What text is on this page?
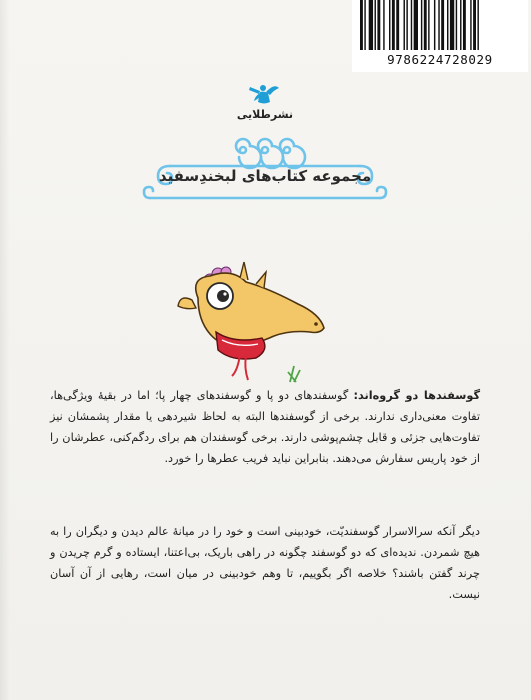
9786224728029
نشرطلایی
مجموعه کتاب‌های لبخندِسفید
گوسفندها دو گروه‌اند: گوسفندهای دو پا و گوسفندهای چهار پا؛ اما در بقیهٔ ویژگی‌ها، تفاوت معنی‌داری ندارند. برخی از گوسفندها البته به لحاظ شیردهی یا مقدار پشمشان نیز تفاوت‌هایی جزئی و قابل چشم‌پوشی دارند. برخی گوسفندان هم برای ردگم‌کنی، عطرشان را از خود پاریس سفارش می‌دهند. بنابراین نباید فریب عطرها را خورد.
دیگر آنکه سرالاسرار گوسفندیّت، خودبینی است و خود را در میانهٔ عالم دیدن و دیگران را به هیچ شمردن. ندیده‌ای که دو گوسفند چگونه در راهی باریک، بی‌اعتنا، ایستاده و گرم چریدن و چرند گفتن باشند؟ خلاصه اگر بگوییم، تا وهم خودبینی در میان است، رهایی از آن آسان نیست.
